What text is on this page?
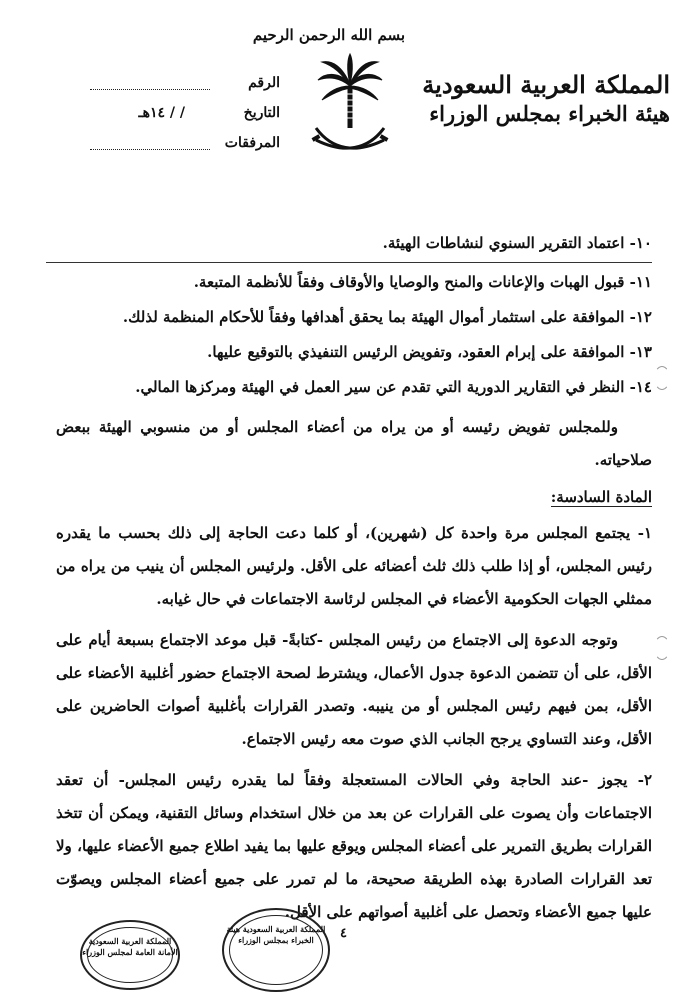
المملكة العربية السعودية
هيئة الخبراء بمجلس الوزراء
بسم الله الرحمن الرحيم
الرقم
التاريخ
/ / ١٤هـ
المرفقات
١٠- اعتماد التقرير السنوي لنشاطات الهيئة.
١١- قبول الهبات والإعانات والمنح والوصايا والأوقاف وفقاً للأنظمة المتبعة.
١٢- الموافقة على استثمار أموال الهيئة بما يحقق أهدافها وفقاً للأحكام المنظمة لذلك.
١٣- الموافقة على إبرام العقود، وتفويض الرئيس التنفيذي بالتوقيع عليها.
١٤- النظر في التقارير الدورية التي تقدم عن سير العمل في الهيئة ومركزها المالي.

وللمجلس تفويض رئيسه أو من يراه من أعضاء المجلس أو من منسوبي الهيئة ببعض صلاحياته.

المادة السادسة:

١- يجتمع المجلس مرة واحدة كل (شهرين)، أو كلما دعت الحاجة إلى ذلك بحسب ما يقدره رئيس المجلس، أو إذا طلب ذلك ثلث أعضائه على الأقل. ولرئيس المجلس أن ينيب من يراه من ممثلي الجهات الحكومية الأعضاء في المجلس لرئاسة الاجتماعات في حال غيابه.

وتوجه الدعوة إلى الاجتماع من رئيس المجلس -كتابةً- قبل موعد الاجتماع بسبعة أيام على الأقل، على أن تتضمن الدعوة جدول الأعمال، ويشترط لصحة الاجتماع حضور أغلبية الأعضاء على الأقل، بمن فيهم رئيس المجلس أو من ينيبه. وتصدر القرارات بأغلبية أصوات الحاضرين على الأقل، وعند التساوي يرجح الجانب الذي صوت معه رئيس الاجتماع.

٢- يجوز -عند الحاجة وفي الحالات المستعجلة وفقاً لما يقدره رئيس المجلس- أن تعقد الاجتماعات وأن يصوت على القرارات عن بعد من خلال استخدام وسائل التقنية، ويمكن أن تتخذ القرارات بطريق التمرير على أعضاء المجلس ويوقع عليها بما يفيد اطلاع جميع الأعضاء عليها، ولا تعد القرارات الصادرة بهذه الطريقة صحيحة، ما لم تمرر على جميع أعضاء المجلس ويصوّت عليها جميع الأعضاء وتحصل على أغلبية أصواتهم على الأقل.

٤
المملكة العربية السعودية الأمانة العامة لمجلس الوزراء
المملكة العربية السعودية هيئة الخبراء بمجلس الوزراء
